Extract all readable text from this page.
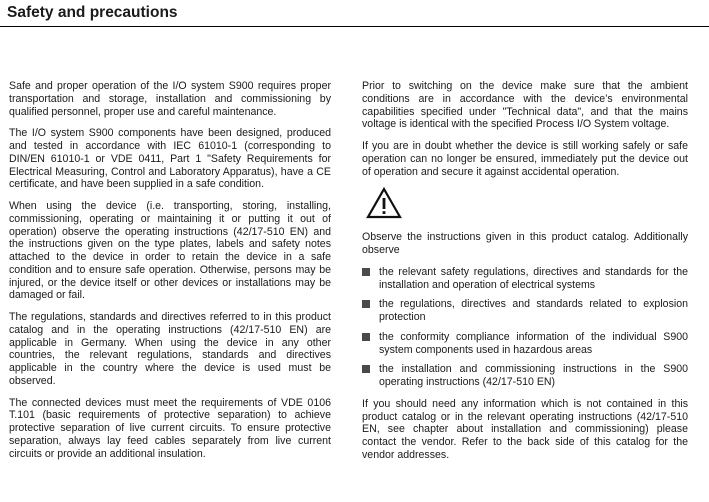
Safety and precautions

Safe and proper operation of the I/O system S900 requires proper transportation and storage, installation and commissioning by qualified personnel, proper use and careful maintenance.

The I/O system S900 components have been designed, produced and tested in accordance with IEC 61010-1 (corresponding to DIN/EN 61010-1 or VDE 0411, Part 1 "Safety Requirements for Electrical Measuring, Control and Laboratory Apparatus), have a CE certificate, and have been supplied in a safe condition.

When using the device (i.e. transporting, storing, installing, commissioning, operating or maintaining it or putting it out of operation) observe the operating instructions (42/17-510 EN) and the instructions given on the type plates, labels and safety notes attached to the device in order to retain the device in a safe condition and to ensure safe operation. Otherwise, persons may be injured, or the device itself or other devices or installations may be damaged or fail.

The regulations, standards and directives referred to in this product catalog and in the operating instructions (42/17-510 EN) are applicable in Germany. When using the device in any other countries, the relevant regulations, standards and directives applicable in the country where the device is used must be observed.

The connected devices must meet the requirements of VDE 0106 T.101 (basic requirements of protective separation) to achieve protective separation of live current circuits. To ensure protective separation, always lay feed cables separately from live current circuits or provide an additional insulation.

Prior to switching on the device make sure that the ambient conditions are in accordance with the device’s environmental capabilities specified under "Technical data", and that the mains voltage is identical with the specified Process I/O System voltage.

If you are in doubt whether the device is still working safely or safe operation can no longer be ensured, immediately put the device out of operation and secure it against accidental operation.

Observe the instructions given in this product catalog. Additionally observe

the relevant safety regulations, directives and standards for the installation and operation of electrical systems
the regulations, directives and standards related to explosion protection
the conformity compliance information of the individual S900 system components used in hazardous areas
the installation and commissioning instructions in the S900 operating instructions (42/17-510 EN)

If you should need any information which is not contained in this product catalog or in the relevant operating instructions (42/17-510 EN, see chapter about installation and commissioning) please contact the vendor. Refer to the back side of this catalog for the vendor addresses.
